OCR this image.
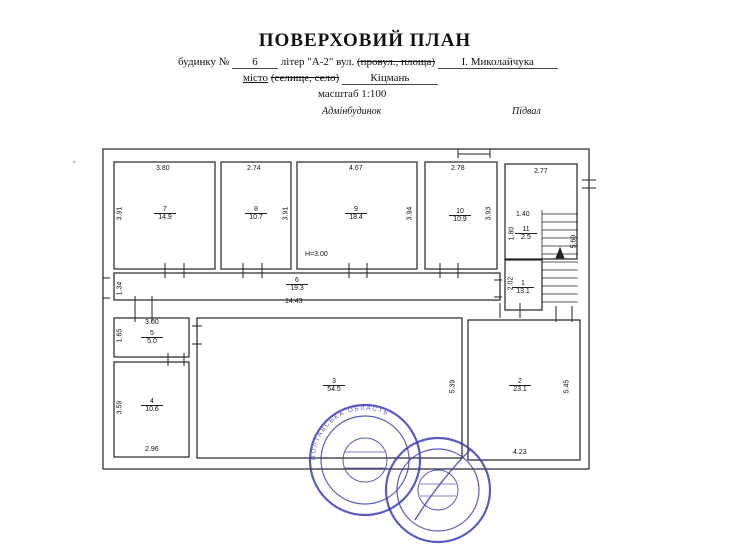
ПОВЕРХОВИЙ ПЛАН
будинку № 6 літер "А-2" вул. (провул., площа) І. Миколайчука
місто (селище, село)	Кіцмань
масштаб 1:100
Адмінбудинок	Підвал
≠
7
14.9
8
10.7
9
18.4
10
10.9
11
2.5
6
19.3
1
13.1
5
5.0
4
10.6
3
54.5
2
23.1
3.80	2.74	4.67	2.78	2.77
3.91	3.91	3.94	3.93	1.40
1.80
5.69
H=3.00
1.34
14.43
2.02
3.00
1.65
3.59
2.96
5.39	5.45
4.23
ПОЛТАВСЬКА ОБЛАСТЬ
